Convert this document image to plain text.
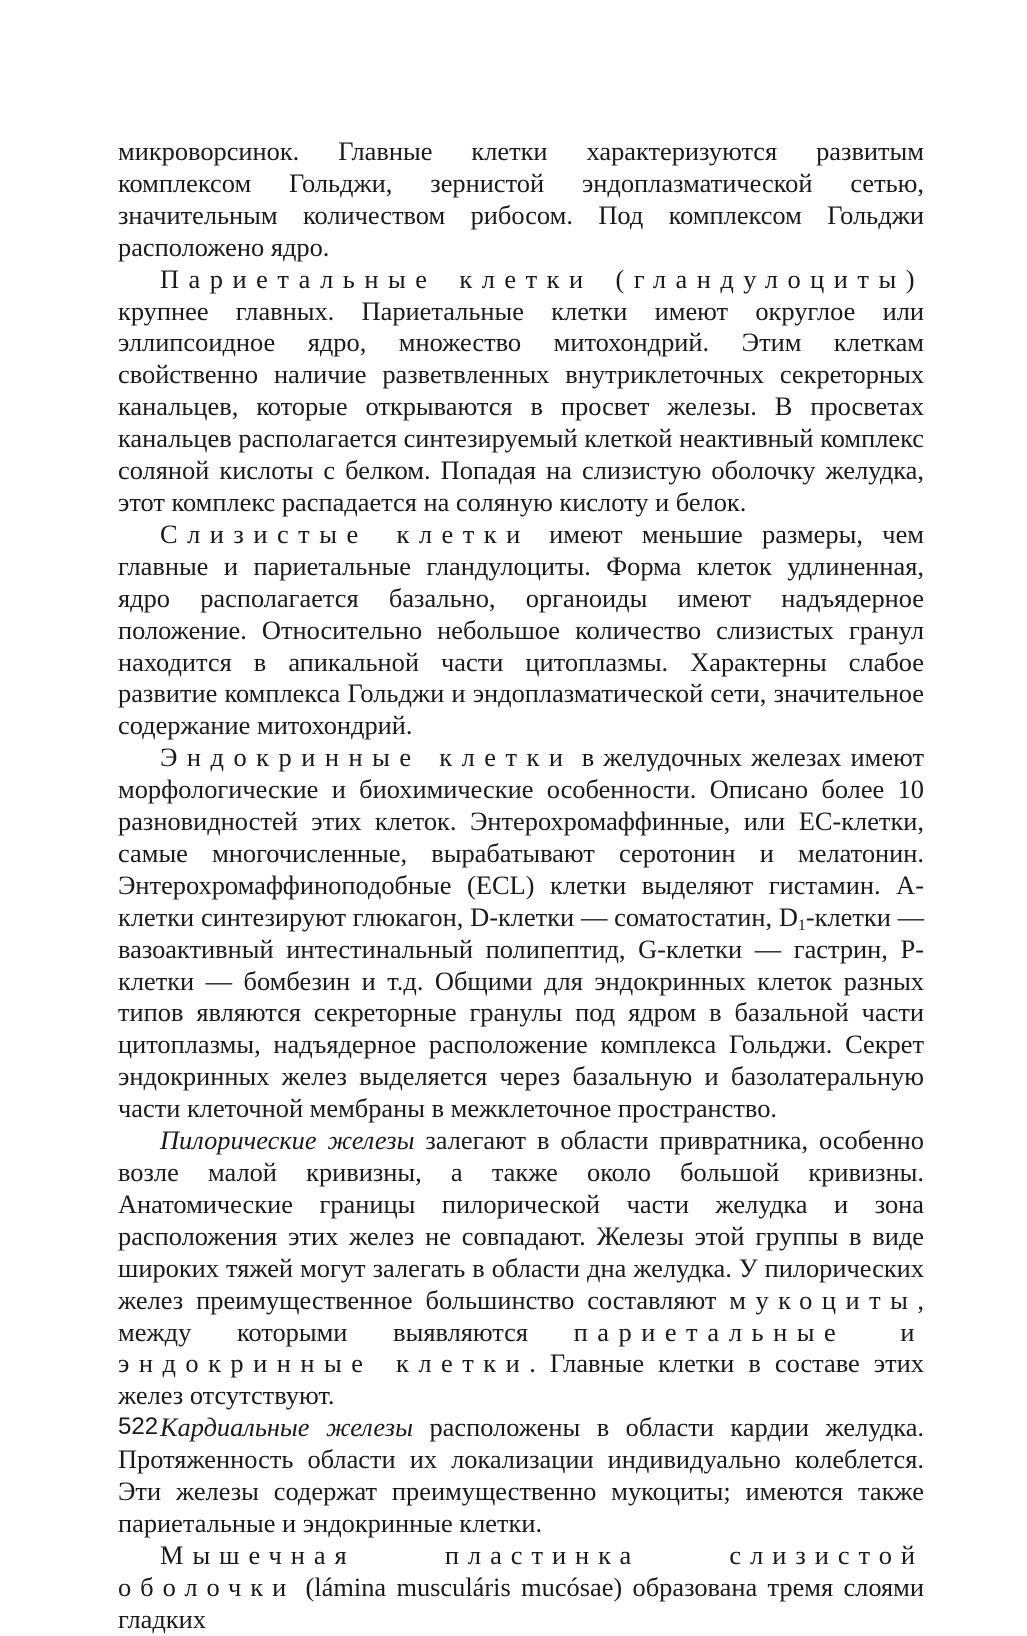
микроворсинок. Главные клетки характеризуются развитым комплексом Гольджи, зернистой эндоплазматической сетью, значительным количеством рибосом. Под комплексом Гольджи расположено ядро.

Париетальные клетки (гландулоциты) крупнее главных. Париетальные клетки имеют округлое или эллипсоидное ядро, множество митохондрий. Этим клеткам свойственно наличие разветвленных внутриклеточных секреторных канальцев, которые открываются в просвет железы. В просветах канальцев располагается синтезируемый клеткой неактивный комплекс соляной кислоты с белком. Попадая на слизистую оболочку желудка, этот комплекс распадается на соляную кислоту и белок.

Слизистые клетки имеют меньшие размеры, чем главные и париетальные гландулоциты. Форма клеток удлиненная, ядро располагается базально, органоиды имеют надъядерное положение. Относительно небольшое количество слизистых гранул находится в апикальной части цитоплазмы. Характерны слабое развитие комплекса Гольджи и эндоплазматической сети, значительное содержание митохондрий.

Эндокринные клетки в желудочных железах имеют морфологические и биохимические особенности. Описано более 10 разновидностей этих клеток. Энтерохромаффинные, или ЕС-клетки, самые многочисленные, вырабатывают серотонин и мелатонин. Энтерохромаффиноподобные (ECL) клетки выделяют гистамин. А-клетки синтезируют глюкагон, D-клетки — соматостатин, $D_1$-клетки — вазоактивный интестинальный полипептид, G-клетки — гастрин, Р-клетки — бомбезин и т.д. Общими для эндокринных клеток разных типов являются секреторные гранулы под ядром в базальной части цитоплазмы, надъядерное расположение комплекса Гольджи. Секрет эндокринных желез выделяется через базальную и базолатеральную части клеточной мембраны в межклеточное пространство.

Пилорические железы залегают в области привратника, особенно возле малой кривизны, а также около большой кривизны. Анатомические границы пилорической части желудка и зона расположения этих желез не совпадают. Железы этой группы в виде широких тяжей могут залегать в области дна желудка. У пилорических желез преимущественное большинство составляют мукоциты, между которыми выявляются париетальные и эндокринные клетки. Главные клетки в составе этих желез отсутствуют.

Кардиальные железы расположены в области кардии желудка. Протяженность области их локализации индивидуально колеблется. Эти железы содержат преимущественно мукоциты; имеются также париетальные и эндокринные клетки.

Мышечная пластинка слизистой оболочки (lámina musculáris mucósae) образована тремя слоями гладких

522
